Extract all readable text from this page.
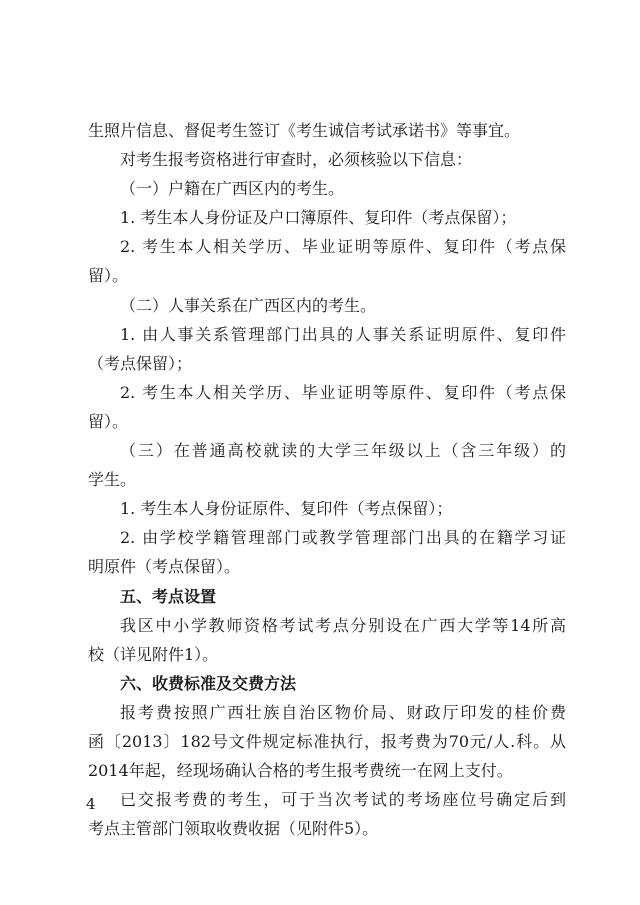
生照片信息、督促考生签订《考生诚信考试承诺书》等事宜。
对考生报考资格进行审查时，必须核验以下信息：
（一）户籍在广西区内的考生。
1. 考生本人身份证及户口簿原件、复印件（考点保留）；
2. 考生本人相关学历、毕业证明等原件、复印件（考点保
留）。
（二）人事关系在广西区内的考生。
1. 由人事关系管理部门出具的人事关系证明原件、复印件
（考点保留）；
2. 考生本人相关学历、毕业证明等原件、复印件（考点保
留）。
（三）在普通高校就读的大学三年级以上（含三年级）的
学生。
1. 考生本人身份证原件、复印件（考点保留）；
2. 由学校学籍管理部门或教学管理部门出具的在籍学习证
明原件（考点保留）。
五、考点设置
我区中小学教师资格考试考点分别设在广西大学等14所高
校（详见附件1）。
六、收费标准及交费方法
报考费按照广西壮族自治区物价局、财政厅印发的桂价费
函〔2013〕182号文件规定标准执行，报考费为70元/人.科。从
2014年起，经现场确认合格的考生报考费统一在网上支付。
已交报考费的考生，可于当次考试的考场座位号确定后到
考点主管部门领取收费收据（见附件5）。
4
